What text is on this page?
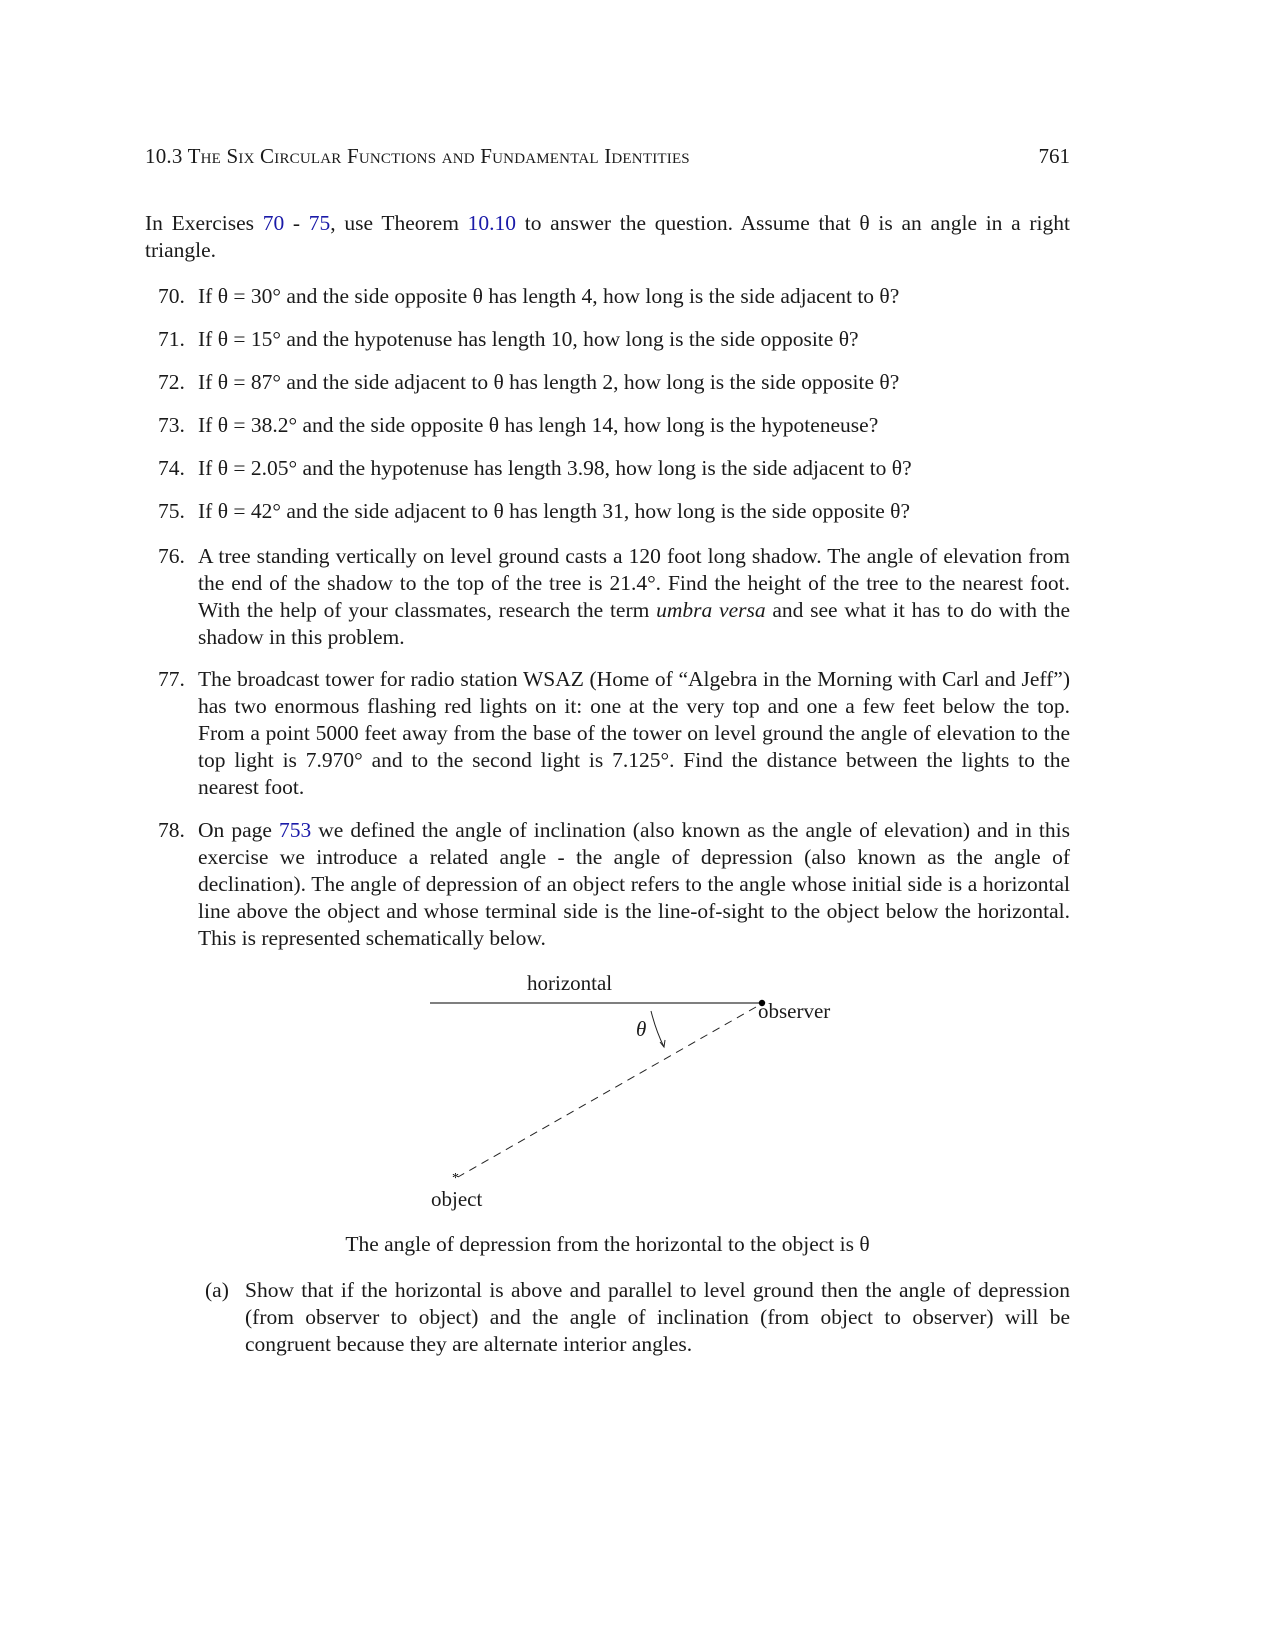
10.3 The Six Circular Functions and Fundamental Identities	761
In Exercises 70 - 75, use Theorem 10.10 to answer the question. Assume that θ is an angle in a right triangle.
70. If θ = 30° and the side opposite θ has length 4, how long is the side adjacent to θ?
71. If θ = 15° and the hypotenuse has length 10, how long is the side opposite θ?
72. If θ = 87° and the side adjacent to θ has length 2, how long is the side opposite θ?
73. If θ = 38.2° and the side opposite θ has lengh 14, how long is the hypoteneuse?
74. If θ = 2.05° and the hypotenuse has length 3.98, how long is the side adjacent to θ?
75. If θ = 42° and the side adjacent to θ has length 31, how long is the side opposite θ?
76. A tree standing vertically on level ground casts a 120 foot long shadow. The angle of elevation from the end of the shadow to the top of the tree is 21.4°. Find the height of the tree to the nearest foot. With the help of your classmates, research the term umbra versa and see what it has to do with the shadow in this problem.
77. The broadcast tower for radio station WSAZ (Home of “Algebra in the Morning with Carl and Jeff”) has two enormous flashing red lights on it: one at the very top and one a few feet below the top. From a point 5000 feet away from the base of the tower on level ground the angle of elevation to the top light is 7.970° and to the second light is 7.125°. Find the distance between the lights to the nearest foot.
78. On page 753 we defined the angle of inclination (also known as the angle of elevation) and in this exercise we introduce a related angle - the angle of depression (also known as the angle of declination). The angle of depression of an object refers to the angle whose initial side is a horizontal line above the object and whose terminal side is the line-of-sight to the object below the horizontal. This is represented schematically below.
*
horizontal
observer
θ
object
The angle of depression from the horizontal to the object is θ
(a) Show that if the horizontal is above and parallel to level ground then the angle of depression (from observer to object) and the angle of inclination (from object to observer) will be congruent because they are alternate interior angles.
